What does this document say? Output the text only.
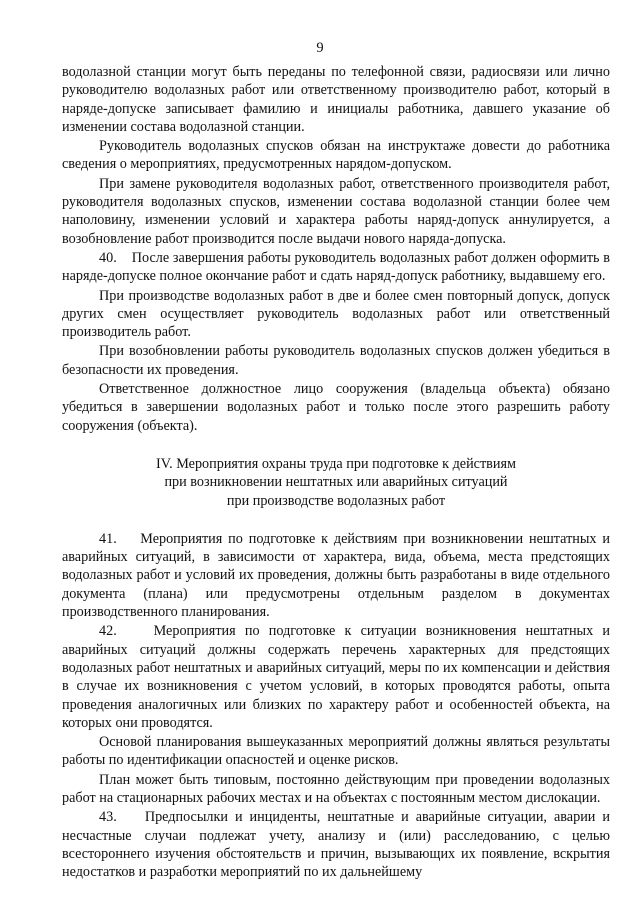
9

водолазной станции могут быть переданы по телефонной связи, радиосвязи или лично руководителю водолазных работ или ответственному производителю работ, который в наряде-допуске записывает фамилию и инициалы работника, давшего указание об изменении состава водолазной станции.

Руководитель водолазных спусков обязан на инструктаже довести до работника сведения о мероприятиях, предусмотренных нарядом-допуском.

При замене руководителя водолазных работ, ответственного производителя работ, руководителя водолазных спусков, изменении состава водолазной станции более чем наполовину, изменении условий и характера работы наряд-допуск аннулируется, а возобновление работ производится после выдачи нового наряда-допуска.

40.    После завершения работы руководитель водолазных работ должен оформить в наряде-допуске полное окончание работ и сдать наряд-допуск работнику, выдавшему его.

При производстве водолазных работ в две и более смен повторный допуск, допуск других смен осуществляет руководитель водолазных работ или ответственный производитель работ.

При возобновлении работы руководитель водолазных спусков должен убедиться в безопасности их проведения.

Ответственное должностное лицо сооружения (владельца объекта) обязано убедиться в завершении водолазных работ и только после этого разрешить работу сооружения (объекта).

IV. Мероприятия охраны труда при подготовке к действиям
при возникновении нештатных или аварийных ситуаций
при производстве водолазных работ

41.    Мероприятия по подготовке к действиям при возникновении нештатных и аварийных ситуаций, в зависимости от характера, вида, объема, места предстоящих водолазных работ и условий их проведения, должны быть разработаны в виде отдельного документа (плана) или предусмотрены отдельным разделом в документах производственного планирования.

42.    Мероприятия по подготовке к ситуации возникновения нештатных и аварийных ситуаций должны содержать перечень характерных для предстоящих водолазных работ нештатных и аварийных ситуаций, меры по их компенсации и действия в случае их возникновения с учетом условий, в которых проводятся работы, опыта проведения аналогичных или близких по характеру работ и особенностей объекта, на которых они проводятся.

Основой планирования вышеуказанных мероприятий должны являться результаты работы по идентификации опасностей и оценке рисков.

План может быть типовым, постоянно действующим при проведении водолазных работ на стационарных рабочих местах и на объектах с постоянным местом дислокации.

43.    Предпосылки и инциденты, нештатные и аварийные ситуации, аварии и несчастные случаи подлежат учету, анализу и (или) расследованию, с целью всестороннего изучения обстоятельств и причин, вызывающих их появление, вскрытия недостатков и разработки мероприятий по их дальнейшему
